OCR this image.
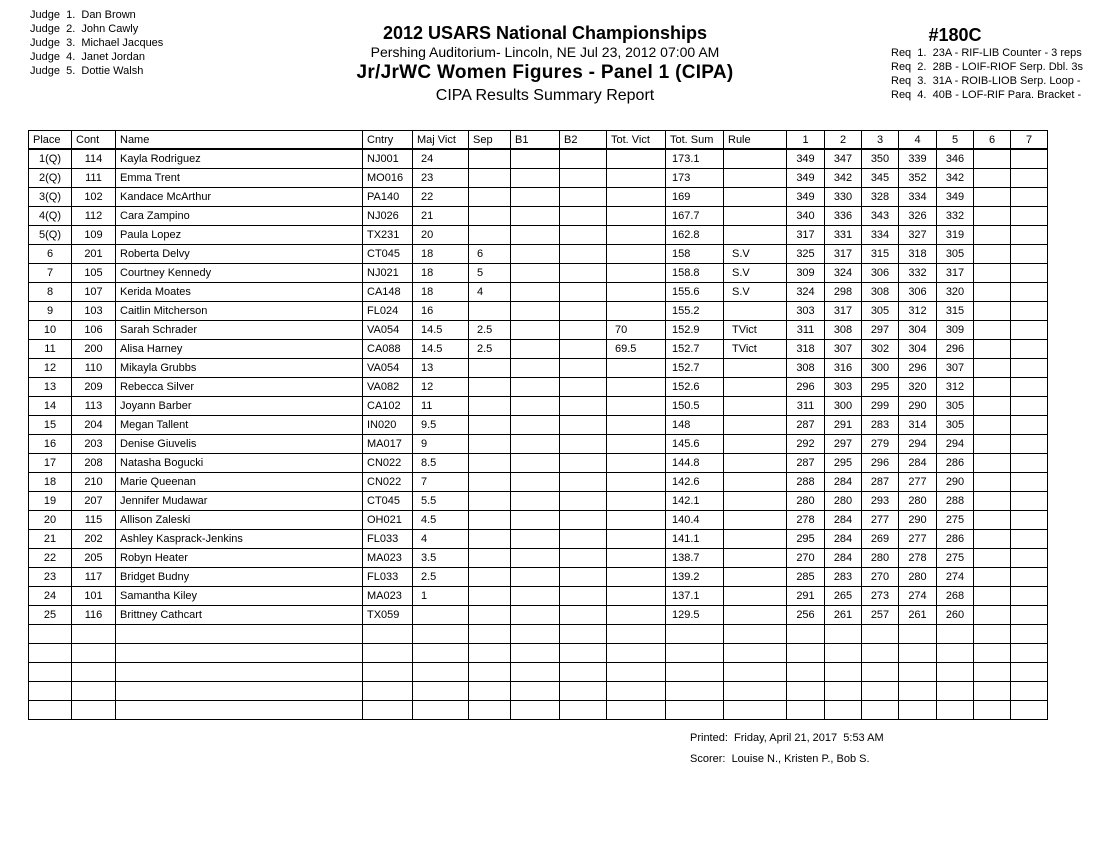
Judge  1.  Dan Brown
Judge  2.  John Cawly
Judge  3.  Michael Jacques
Judge  4.  Janet Jordan
Judge  5.  Dottie Walsh
2012 USARS National Championships
Pershing Auditorium- Lincoln, NE Jul 23, 2012 07:00 AM
Jr/JrWC Women Figures - Panel 1 (CIPA)
CIPA Results Summary Report
#180C
Req  1.  23A - RIF-LIB Counter - 3 reps
Req  2.  28B - LOIF-RIOF Serp. Dbl. 3s
Req  3.  31A - ROIB-LIOB Serp. Loop -
Req  4.  40B - LOF-RIF Para. Bracket -
Place	Cont	Name	Cntry	Maj Vict	Sep	B1	B2	Tot. Vict	Tot. Sum	Rule	1	2	3	4	5	6	7
1(Q)	114	Kayla Rodriguez	NJ001	24					173.1		349	347	350	339	346		
2(Q)	111	Emma Trent	MO016	23					173		349	342	345	352	342		
3(Q)	102	Kandace McArthur	PA140	22					169		349	330	328	334	349		
4(Q)	112	Cara Zampino	NJ026	21					167.7		340	336	343	326	332		
5(Q)	109	Paula Lopez	TX231	20					162.8		317	331	334	327	319		
6	201	Roberta Delvy	CT045	18	6				158	S.V	325	317	315	318	305		
7	105	Courtney Kennedy	NJ021	18	5				158.8	S.V	309	324	306	332	317		
8	107	Kerida Moates	CA148	18	4				155.6	S.V	324	298	308	306	320		
9	103	Caitlin Mitcherson	FL024	16					155.2		303	317	305	312	315		
10	106	Sarah Schrader	VA054	14.5	2.5			70	152.9	TVict	311	308	297	304	309		
11	200	Alisa Harney	CA088	14.5	2.5			69.5	152.7	TVict	318	307	302	304	296		
12	110	Mikayla Grubbs	VA054	13					152.7		308	316	300	296	307		
13	209	Rebecca Silver	VA082	12					152.6		296	303	295	320	312		
14	113	Joyann Barber	CA102	11					150.5		311	300	299	290	305		
15	204	Megan Tallent	IN020	9.5					148		287	291	283	314	305		
16	203	Denise Giuvelis	MA017	9					145.6		292	297	279	294	294		
17	208	Natasha Bogucki	CN022	8.5					144.8		287	295	296	284	286		
18	210	Marie Queenan	CN022	7					142.6		288	284	287	277	290		
19	207	Jennifer Mudawar	CT045	5.5					142.1		280	280	293	280	288		
20	115	Allison Zaleski	OH021	4.5					140.4		278	284	277	290	275		
21	202	Ashley Kasprack-Jenkins	FL033	4					141.1		295	284	269	277	286		
22	205	Robyn Heater	MA023	3.5					138.7		270	284	280	278	275		
23	117	Bridget Budny	FL033	2.5					139.2		285	283	270	280	274		
24	101	Samantha Kiley	MA023	1					137.1		291	265	273	274	268		
25	116	Brittney Cathcart	TX059						129.5		256	261	257	261	260		

Printed:  Friday, April 21, 2017  5:53 AM
Scorer:  Louise N., Kristen P., Bob S.
